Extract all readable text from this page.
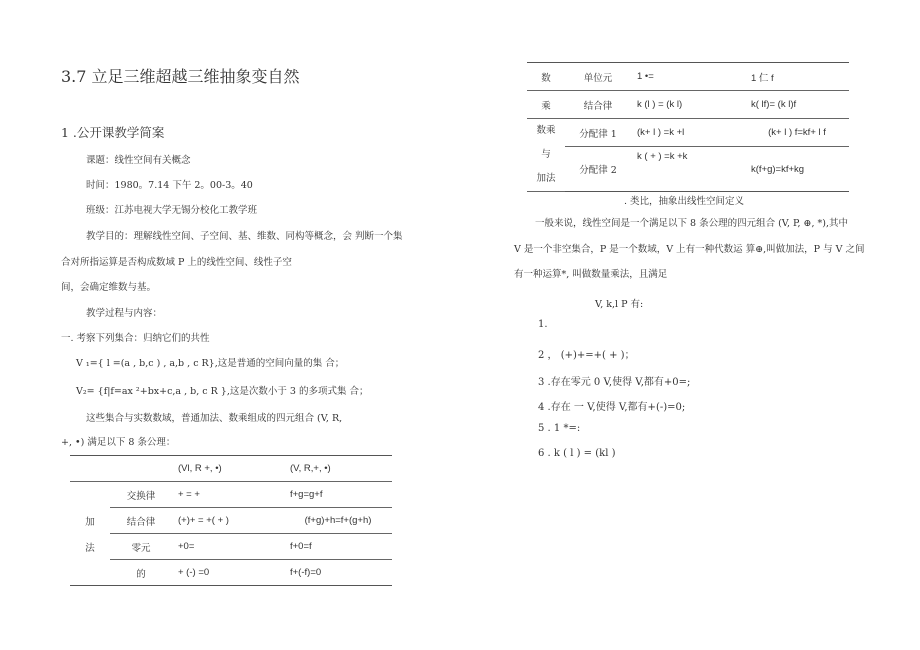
3.7 立足三维超越三维抽象变自然
1 .公开课教学简案
课题：线性空间有关概念
时间：1980。7.14 下午 2。00-3。40
班级：江苏电视大学无锡分校化工教学班
教学目的：理解线性空间、子空间、基、维数、同构等概念，会 判断一个集
合对所指运算是否构成数域 P 上的线性空间、线性子空
间，会确定维数与基。
教学过程与内容：
一. 考察下列集合：归纳它们的共性
V ₁={ l =(a , b,c ) , a,b , c R},这是普通的空间向量的集 合；
V₂= {f|f=ax ²+bx+c,a , b, c R },这是次数小于 3 的多项式集 合；
这些集合与实数数域，普通加法、数乘组成的四元组合 (V, R,
+, •) 满足以下 8 条公理：
		(Vl, R +, •)	(V, R,+, •)
	交换律	+ = +	f+g=g+f
加	结合律	(+)+ = +( + )	(f+g)+h=f+(g+h)
法	零元	+0=	f+0=f
	的	+ (-) =0	f+(-f)=0
数	单位元	1 •=	1 仁 f
乘	结合律	k (l ) = (k l)	k( lf)= (k l)f

数乘
与
加法	分配律 1	(k+ l ) =k +l	(k+ l ) f=kf+ l f
	分配律 2	k ( + ) =k +k	k(f+g)=kf+kg
. 类比，抽象出线性空间定义
一般来说，线性空间是一个满足以下 8 条公理的四元组合 (V, P, ⊕, *),其中
V 是一个非空集合，P 是一个数域，V 上有一种代数运 算⊕,叫做加法，P 与 V 之间
有一种运算*, 叫做数量乘法，且满足
V, k,l P 有:
1.
2 ， (+)+=+( + )；
3 .存在零元 0 V,使得 V,都有+0=;
4 .存在 一 V,使得 V,都有+(-)=0;
5 . 1 *=:
6 . k ( l ) = (kl )
